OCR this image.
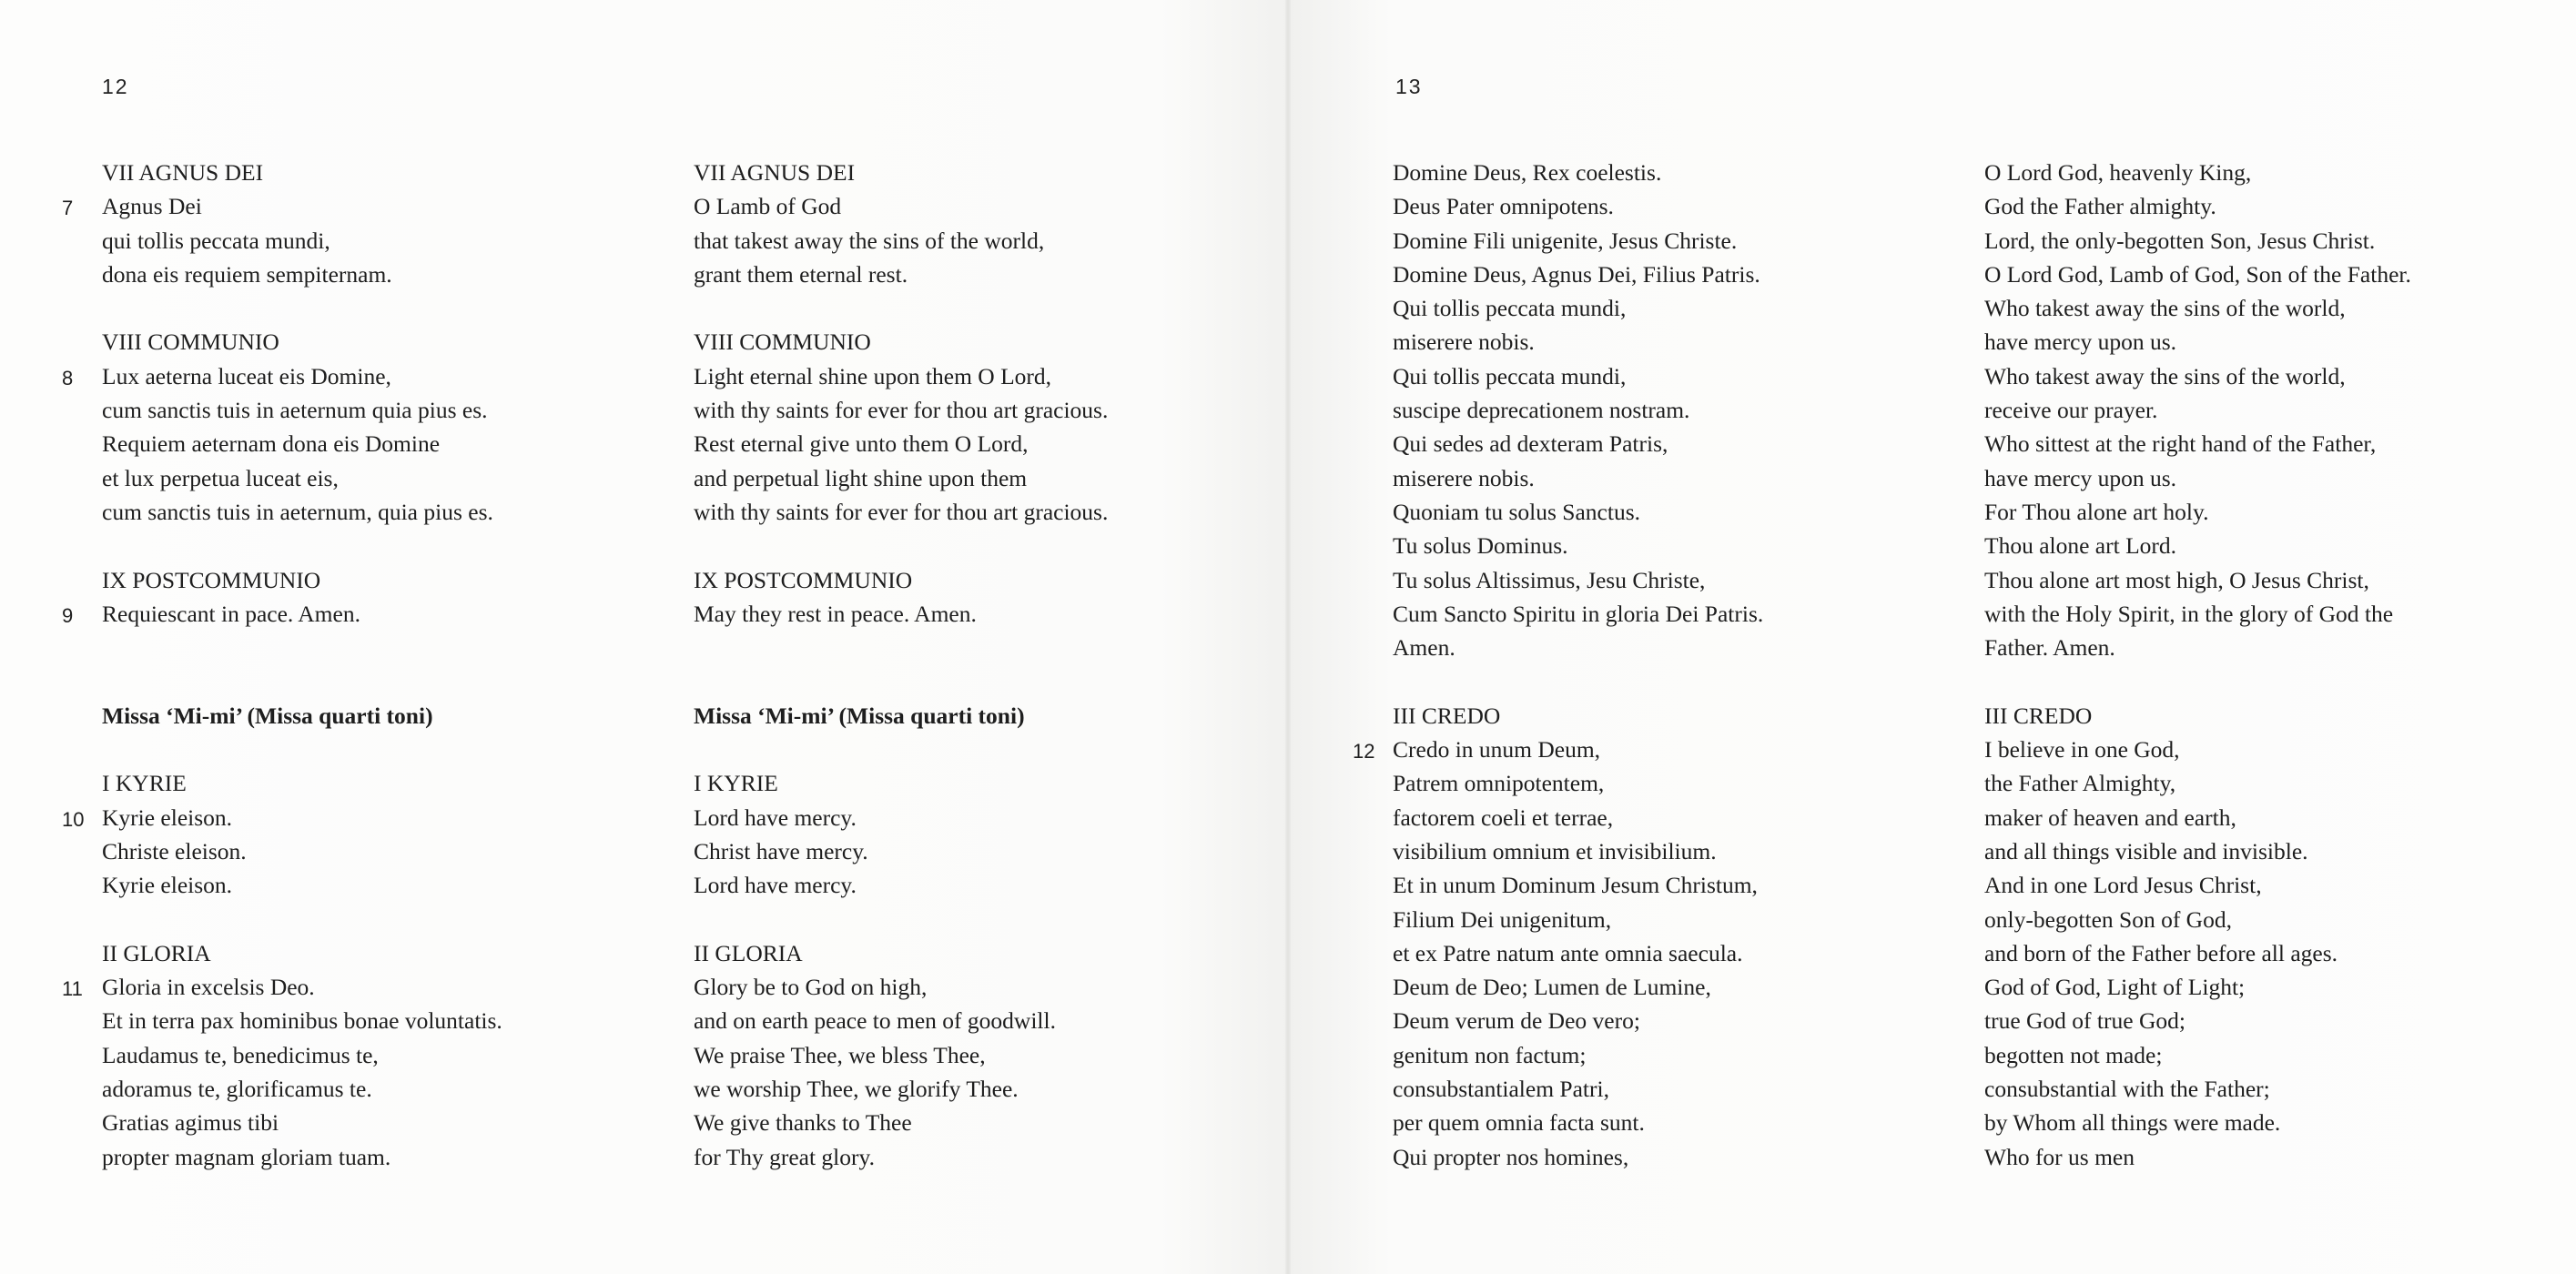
12
VII AGNUS DEI
7	Agnus Dei
qui tollis peccata mundi,
dona eis requiem sempiternam.
VIII COMMUNIO
8	Lux aeterna luceat eis Domine,
cum sanctis tuis in aeternum quia pius es.
Requiem aeternam dona eis Domine
et lux perpetua luceat eis,
cum sanctis tuis in aeternum, quia pius es.
IX POSTCOMMUNIO
9	Requiescant in pace. Amen.
Missa ‘Mi-mi’ (Missa quarti toni)
I KYRIE
10 Kyrie eleison.
Christe eleison.
Kyrie eleison.
II GLORIA
11 Gloria in excelsis Deo.
Et in terra pax hominibus bonae voluntatis.
Laudamus te, benedicimus te,
adoramus te, glorificamus te.
Gratias agimus tibi
propter magnam gloriam tuam.
VII AGNUS DEI
O Lamb of God
that takest away the sins of the world,
grant them eternal rest.
VIII COMMUNIO
Light eternal shine upon them O Lord,
with thy saints for ever for thou art gracious.
Rest eternal give unto them O Lord,
and perpetual light shine upon them
with thy saints for ever for thou art gracious.
IX POSTCOMMUNIO
May they rest in peace. Amen.
Missa ‘Mi-mi’ (Missa quarti toni)
I KYRIE
Lord have mercy.
Christ have mercy.
Lord have mercy.
II GLORIA
Glory be to God on high,
and on earth peace to men of goodwill.
We praise Thee, we bless Thee,
we worship Thee, we glorify Thee.
We give thanks to Thee
for Thy great glory.
13
Domine Deus, Rex coelestis.
Deus Pater omnipotens.
Domine Fili unigenite, Jesus Christe.
Domine Deus, Agnus Dei, Filius Patris.
Qui tollis peccata mundi,
miserere nobis.
Qui tollis peccata mundi,
suscipe deprecationem nostram.
Qui sedes ad dexteram Patris,
miserere nobis.
Quoniam tu solus Sanctus.
Tu solus Dominus.
Tu solus Altissimus, Jesu Christe,
Cum Sancto Spiritu in gloria Dei Patris.
Amen.
III CREDO
12 Credo in unum Deum,
Patrem omnipotentem,
factorem coeli et terrae,
visibilium omnium et invisibilium.
Et in unum Dominum Jesum Christum,
Filium Dei unigenitum,
et ex Patre natum ante omnia saecula.
Deum de Deo; Lumen de Lumine,
Deum verum de Deo vero;
genitum non factum;
consubstantialem Patri,
per quem omnia facta sunt.
Qui propter nos homines,
O Lord God, heavenly King,
God the Father almighty.
Lord, the only-begotten Son, Jesus Christ.
O Lord God, Lamb of God, Son of the Father.
Who takest away the sins of the world,
have mercy upon us.
Who takest away the sins of the world,
receive our prayer.
Who sittest at the right hand of the Father,
have mercy upon us.
For Thou alone art holy.
Thou alone art Lord.
Thou alone art most high, O Jesus Christ,
with the Holy Spirit, in the glory of God the
Father. Amen.
III CREDO
I believe in one God,
the Father Almighty,
maker of heaven and earth,
and all things visible and invisible.
And in one Lord Jesus Christ,
only-begotten Son of God,
and born of the Father before all ages.
God of God, Light of Light;
true God of true God;
begotten not made;
consubstantial with the Father;
by Whom all things were made.
Who for us men
